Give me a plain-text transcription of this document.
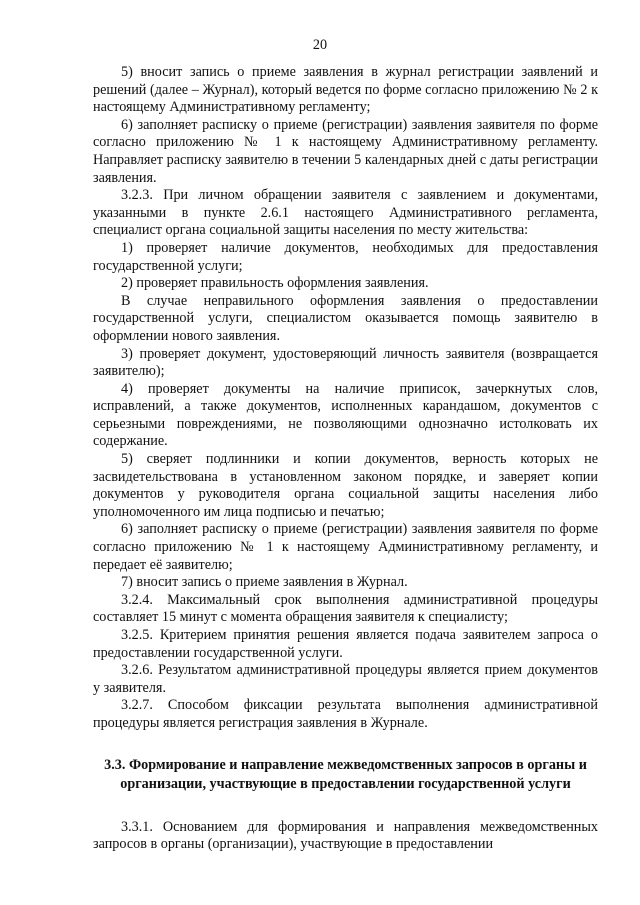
20

5) вносит запись о приеме заявления в журнал регистрации заявлений и решений (далее – Журнал), который ведется по форме согласно приложению № 2 к настоящему Административному регламенту;

6) заполняет расписку о приеме (регистрации) заявления заявителя по форме согласно приложению № 1 к настоящему Административному регламенту. Направляет расписку заявителю в течении 5 календарных дней с даты регистрации заявления.

3.2.3. При личном обращении заявителя с заявлением и документами, указанными в пункте 2.6.1 настоящего Административного регламента, специалист органа социальной защиты населения по месту жительства:

1) проверяет наличие документов, необходимых для предоставления государственной услуги;

2) проверяет правильность оформления заявления.

В случае неправильного оформления заявления о предоставлении государственной услуги, специалистом оказывается помощь заявителю в оформлении нового заявления.

3) проверяет документ, удостоверяющий личность заявителя (возвращается заявителю);

4) проверяет документы на наличие приписок, зачеркнутых слов, исправлений, а также документов, исполненных карандашом, документов с серьезными повреждениями, не позволяющими однозначно истолковать их содержание.

5) сверяет подлинники и копии документов, верность которых не засвидетельствована в установленном законом порядке, и заверяет копии документов у руководителя органа социальной защиты населения либо уполномоченного им лица подписью и печатью;

6) заполняет расписку о приеме (регистрации) заявления заявителя по форме согласно приложению № 1 к настоящему Административному регламенту, и передает её заявителю;

7) вносит запись о приеме заявления в Журнал.

3.2.4. Максимальный срок выполнения административной процедуры составляет 15 минут с момента обращения заявителя к специалисту;

3.2.5. Критерием принятия решения является подача заявителем запроса о предоставлении государственной услуги.

3.2.6. Результатом административной процедуры является прием документов у заявителя.

3.2.7. Способом фиксации результата выполнения административной процедуры является регистрация заявления в Журнале.

3.3. Формирование и направление межведомственных запросов в органы и организации, участвующие в предоставлении государственной услуги

3.3.1. Основанием для формирования и направления межведомственных запросов в органы (организации), участвующие в предоставлении
